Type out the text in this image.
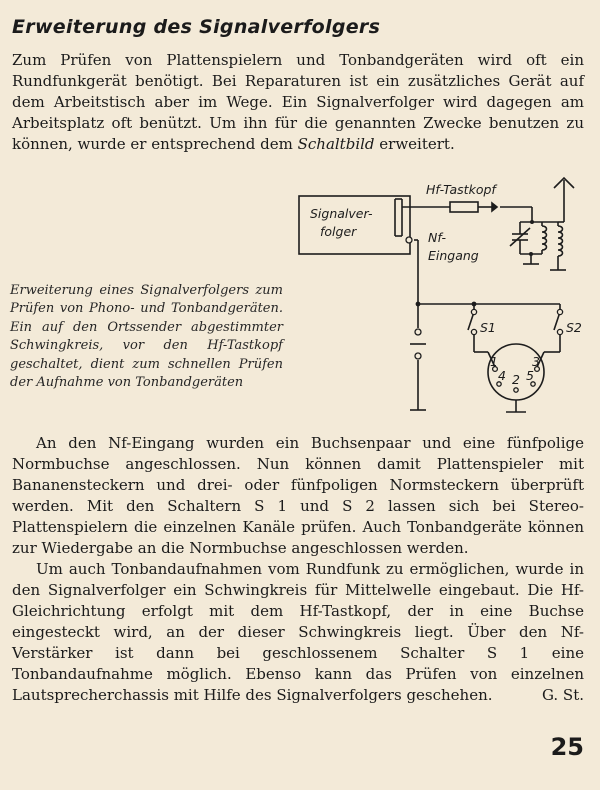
Erweiterung des Signalverfolgers

Zum Prüfen von Plattenspielern und Tonbandgeräten wird oft ein Rundfunkgerät benötigt. Bei Reparaturen ist ein zusätzliches Gerät auf dem Arbeitstisch aber im Wege. Ein Signalverfolger wird dagegen am Arbeitsplatz oft benützt. Um ihn für die genannten Zwecke benutzen zu können, wurde er entsprechend dem Schaltbild erweitert.

Signalver-
folger
Hf-Tastkopf
Nf-
Eingang
S1	S2
1	3
4 2 5
Erweiterung eines Signalverfolgers zum Prüfen von Phono- und Tonbandgeräten. Ein auf den Ortssender abgestimmter Schwingkreis, vor den Hf-Tastkopf geschaltet, dient zum schnellen Prüfen der Aufnahme von Tonbandgeräten

An den Nf-Eingang wurden ein Buchsenpaar und eine fünfpolige Normbuchse angeschlossen. Nun können damit Plattenspieler mit Bananensteckern und drei- oder fünfpoligen Normsteckern überprüft werden. Mit den Schaltern S 1 und S 2 lassen sich bei Stereo-Plattenspielern die einzelnen Kanäle prüfen. Auch Tonbandgeräte können zur Wiedergabe an die Normbuchse angeschlossen werden.

Um auch Tonbandaufnahmen vom Rundfunk zu ermöglichen, wurde in den Signalverfolger ein Schwingkreis für Mittelwelle eingebaut. Die Hf-Gleichrichtung erfolgt mit dem Hf-Tastkopf, der in eine Buchse eingesteckt wird, an der dieser Schwingkreis liegt. Über den Nf-Verstärker ist dann bei geschlossenem Schalter S 1 eine Tonbandaufnahme möglich. Ebenso kann das Prüfen von einzelnen Lautsprecherchassis mit Hilfe des Signalverfolgers geschehen.	G. St.

25
